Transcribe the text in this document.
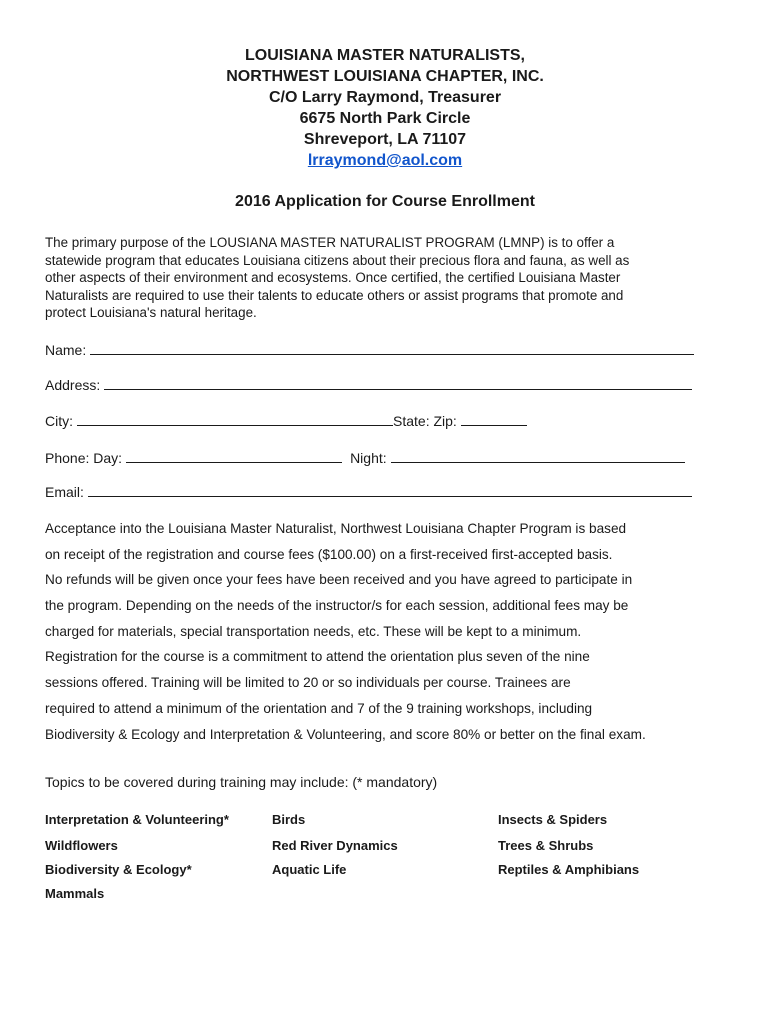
LOUISIANA MASTER NATURALISTS,
NORTHWEST LOUISIANA CHAPTER, INC.
C/O Larry Raymond, Treasurer
6675 North Park Circle
Shreveport, LA 71107
lrraymond@aol.com
2016 Application for Course Enrollment
The primary purpose of the LOUSIANA MASTER NATURALIST PROGRAM (LMNP) is to offer a
statewide program that educates Louisiana citizens about their precious flora and fauna, as well as
other aspects of their environment and ecosystems. Once certified, the certified Louisiana Master
Naturalists are required to use their talents to educate others or assist programs that promote and
protect Louisiana's natural heritage.
Name:
Address:
City:	State: Zip:
Phone: Day:	Night:
Email:
Acceptance into the Louisiana Master Naturalist, Northwest Louisiana Chapter Program is based
on receipt of the registration and course fees ($100.00) on a first-received first-accepted basis.
No refunds will be given once your fees have been received and you have agreed to participate in
the program. Depending on the needs of the instructor/s for each session, additional fees may be
charged for materials, special transportation needs, etc. These will be kept to a minimum.
Registration for the course is a commitment to attend the orientation plus seven of the nine
sessions offered. Training will be limited to 20 or so individuals per course. Trainees are
required to attend a minimum of the orientation and 7 of the 9 training workshops, including
Biodiversity & Ecology and Interpretation & Volunteering, and score 80% or better on the final exam.
Topics to be covered during training may include: (* mandatory)
Interpretation & Volunteering*	Birds	Insects & Spiders
Wildflowers	Red River Dynamics	Trees & Shrubs
Biodiversity & Ecology*	Aquatic Life	Reptiles & Amphibians
Mammals
